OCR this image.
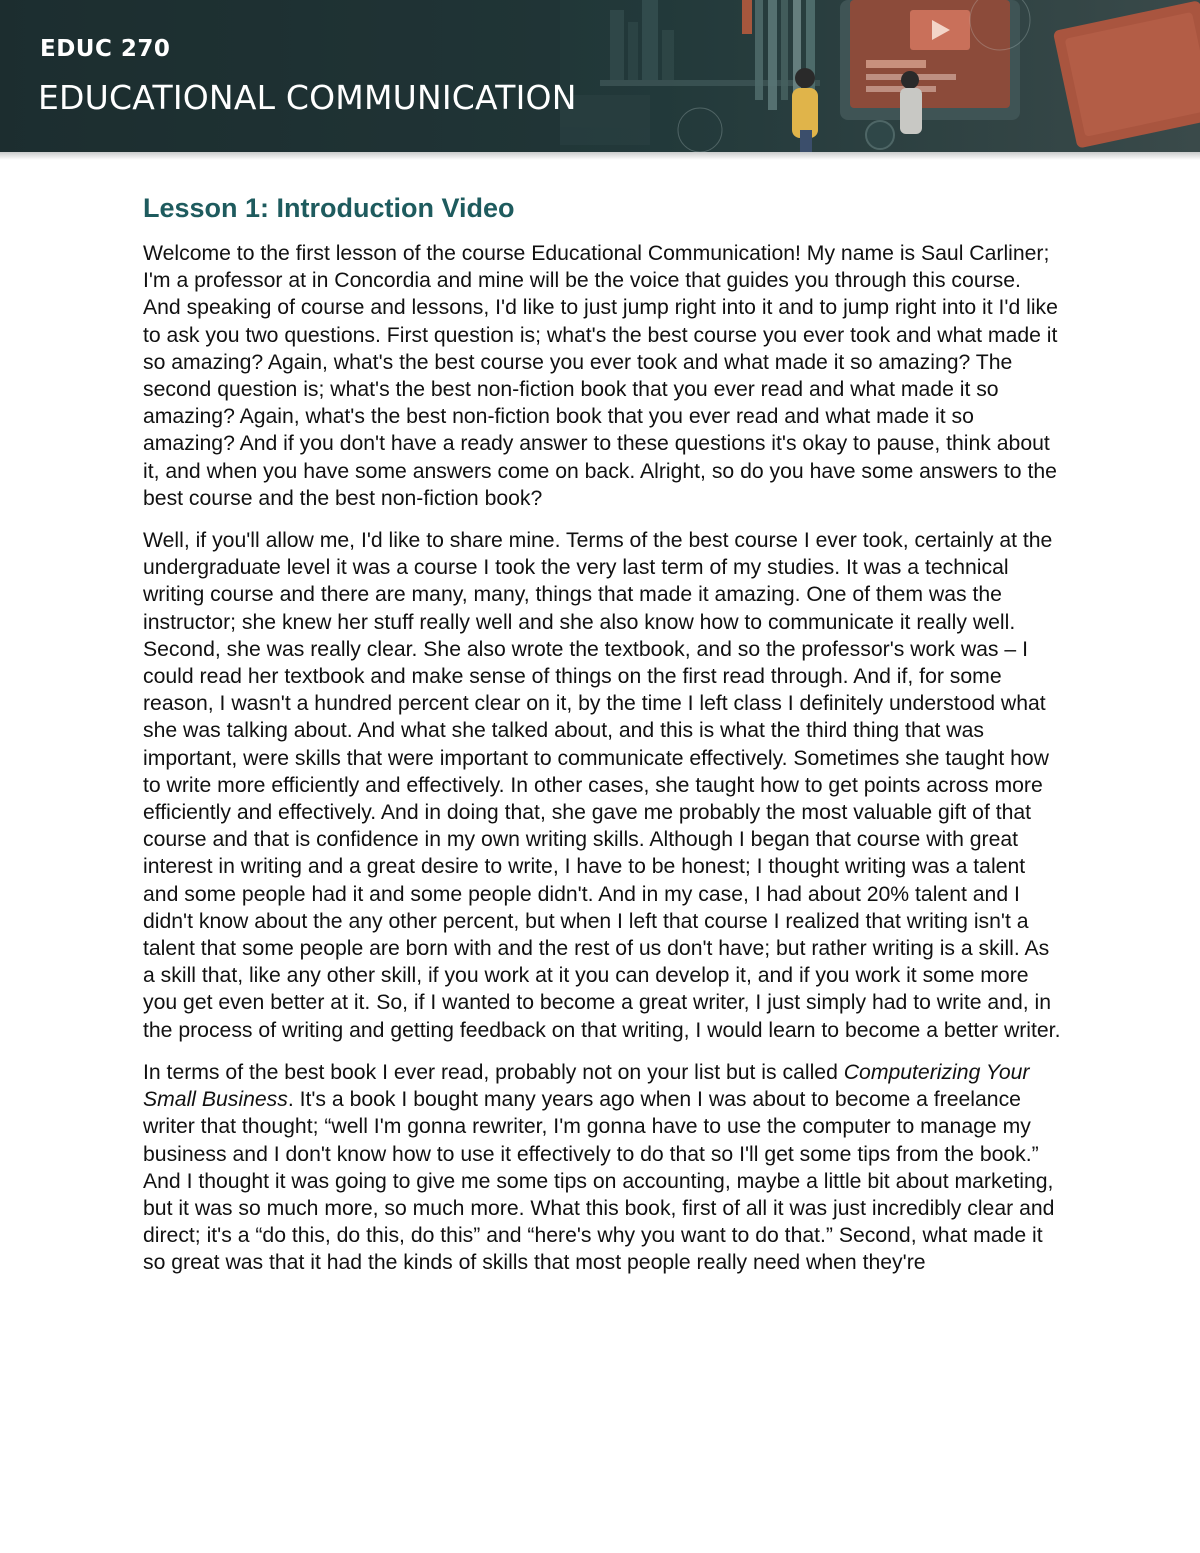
EDUC 270

EDUCATIONAL COMMUNICATION

Lesson 1: Introduction Video

Welcome to the first lesson of the course Educational Communication! My name is Saul Carliner; I'm a professor at in Concordia and mine will be the voice that guides you through this course. And speaking of course and lessons, I'd like to just jump right into it and to jump right into it I'd like to ask you two questions. First question is; what's the best course you ever took and what made it so amazing? Again, what's the best course you ever took and what made it so amazing? The second question is; what's the best non-fiction book that you ever read and what made it so amazing? Again, what's the best non-fiction book that you ever read and what made it so amazing? And if you don't have a ready answer to these questions it's okay to pause, think about it, and when you have some answers come on back. Alright, so do you have some answers to the best course and the best non-fiction book?

Well, if you'll allow me, I'd like to share mine. Terms of the best course I ever took, certainly at the undergraduate level it was a course I took the very last term of my studies. It was a technical writing course and there are many, many, things that made it amazing. One of them was the instructor; she knew her stuff really well and she also know how to communicate it really well. Second, she was really clear. She also wrote the textbook, and so the professor's work was – I could read her textbook and make sense of things on the first read through. And if, for some reason, I wasn't a hundred percent clear on it, by the time I left class I definitely understood what she was talking about. And what she talked about, and this is what the third thing that was important, were skills that were important to communicate effectively. Sometimes she taught how to write more efficiently and effectively. In other cases, she taught how to get points across more efficiently and effectively. And in doing that, she gave me probably the most valuable gift of that course and that is confidence in my own writing skills. Although I began that course with great interest in writing and a great desire to write, I have to be honest; I thought writing was a talent and some people had it and some people didn't. And in my case, I had about 20% talent and I didn't know about the any other percent, but when I left that course I realized that writing isn't a talent that some people are born with and the rest of us don't have; but rather writing is a skill. As a skill that, like any other skill, if you work at it you can develop it, and if you work it some more you get even better at it. So, if I wanted to become a great writer, I just simply had to write and, in the process of writing and getting feedback on that writing, I would learn to become a better writer.

In terms of the best book I ever read, probably not on your list but is called Computerizing Your Small Business. It's a book I bought many years ago when I was about to become a freelance writer that thought; “well I'm gonna rewriter, I'm gonna have to use the computer to manage my business and I don't know how to use it effectively to do that so I'll get some tips from the book.” And I thought it was going to give me some tips on accounting, maybe a little bit about marketing, but it was so much more, so much more. What this book, first of all it was just incredibly clear and direct; it's a “do this, do this, do this” and “here's why you want to do that.” Second, what made it so great was that it had the kinds of skills that most people really need when they're
